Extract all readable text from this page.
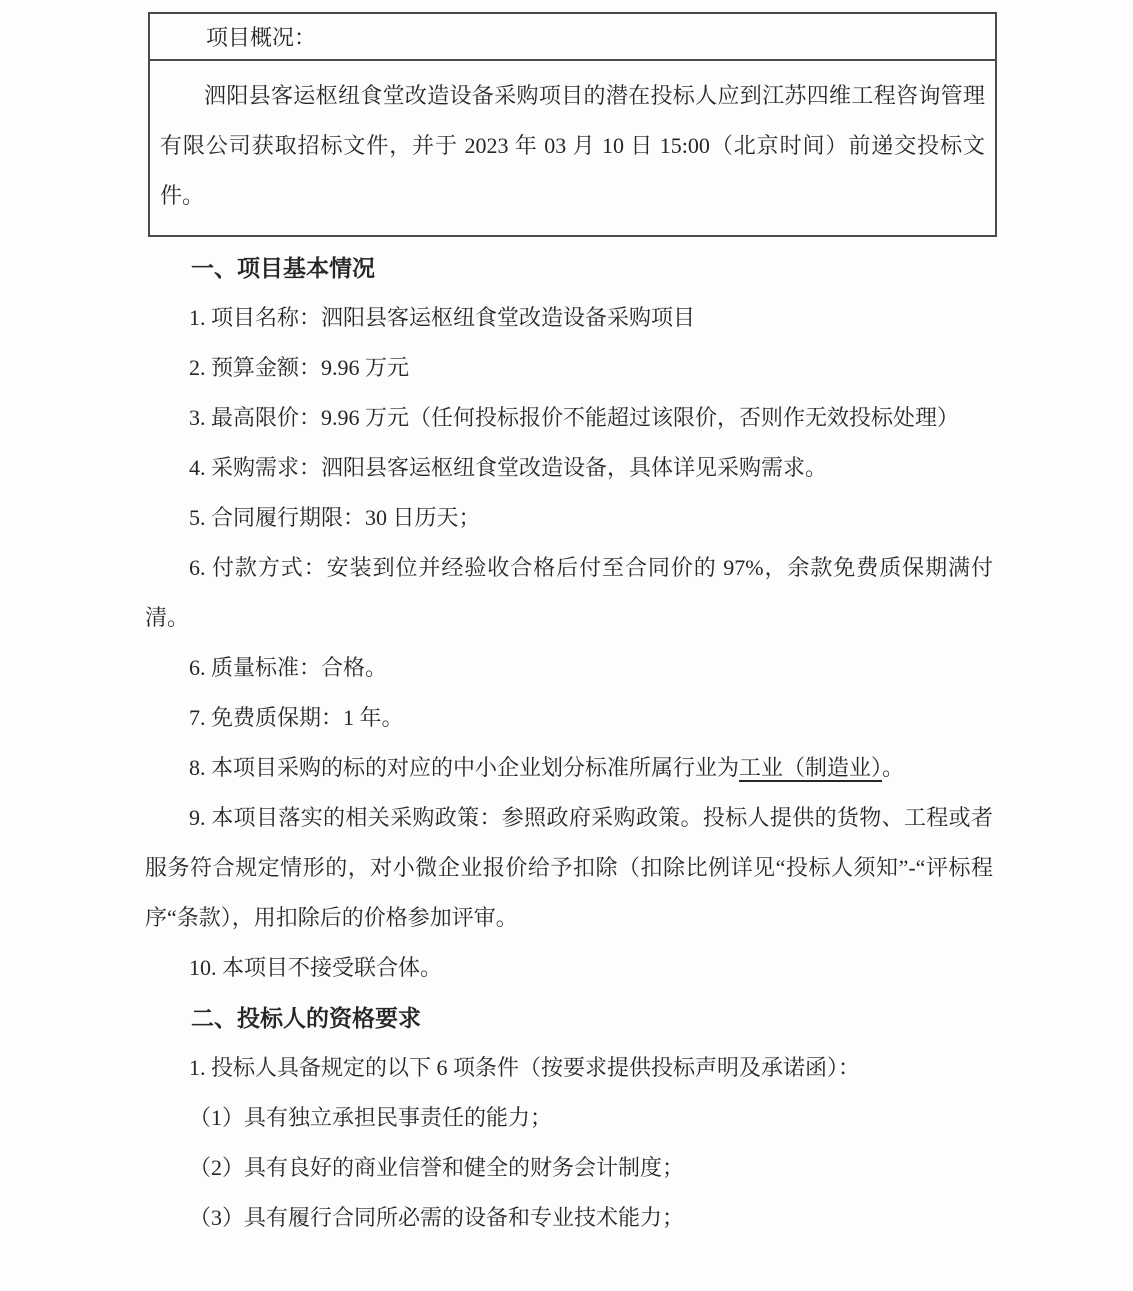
项目概况：
泗阳县客运枢纽食堂改造设备采购项目的潜在投标人应到江苏四维工程咨询管理有限公司获取招标文件，并于 2023 年 03 月 10 日 15:00（北京时间）前递交投标文件。

一、项目基本情况

1. 项目名称：泗阳县客运枢纽食堂改造设备采购项目

2. 预算金额：9.96 万元

3. 最高限价：9.96 万元（任何投标报价不能超过该限价，否则作无效投标处理）

4. 采购需求：泗阳县客运枢纽食堂改造设备，具体详见采购需求。

5. 合同履行期限：30 日历天；

6. 付款方式：安装到位并经验收合格后付至合同价的 97%，余款免费质保期满付清。

6. 质量标准：合格。

7. 免费质保期：1 年。

8. 本项目采购的标的对应的中小企业划分标准所属行业为工业（制造业）。

9. 本项目落实的相关采购政策：参照政府采购政策。投标人提供的货物、工程或者服务符合规定情形的，对小微企业报价给予扣除（扣除比例详见“投标人须知”-“评标程序“条款），用扣除后的价格参加评审。

10. 本项目不接受联合体。

二、投标人的资格要求

1. 投标人具备规定的以下 6 项条件（按要求提供投标声明及承诺函）：

（1）具有独立承担民事责任的能力；

（2）具有良好的商业信誉和健全的财务会计制度；

（3）具有履行合同所必需的设备和专业技术能力；
